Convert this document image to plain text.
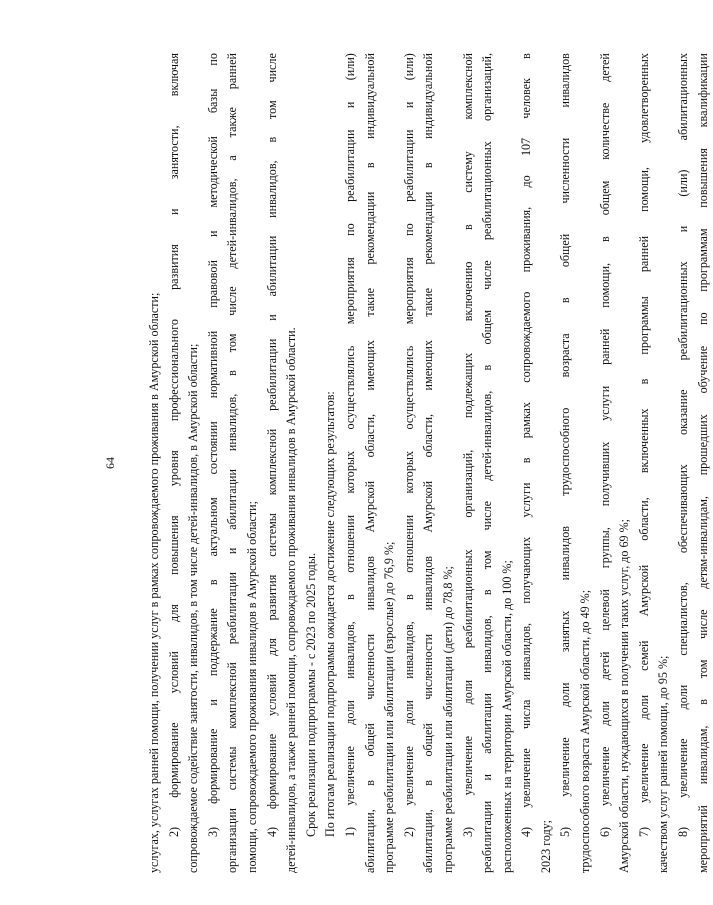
64 услугах, услугах ранней помощи, получении услуг в рамках сопровождаемого проживания в Амурской области; 2)
формирование
условий
для
повышения
уровня
профессионального
развития
и
занятости,
включая
сопровождаемое содействие занятости, инвалидов, в том числе детей-инвалидов, в Амурской области; 3)
формирование
и
поддержание
в
актуальном
состоянии
нормативной
правовой
и
методической
базы
по
организации
системы
комплексной
реабилитации
и
абилитации
инвалидов,
в
том
числе
детей-инвалидов,
а
также
ранней
помощи, сопровождаемого проживания инвалидов в Амурской области; 4)
формирование
условий
для
развития
системы
комплексной
реабилитации
и
абилитации
инвалидов,
в
том
числе
детей-инвалидов, а также ранней помощи, сопровождаемого проживания инвалидов в Амурской области. Срок реализации подпрограммы - с 2023 по 2025 годы. По итогам реализации подпрограммы ожидается достижение следующих результатов: 1)
увеличение
доли
инвалидов,
в
отношении
которых
осуществлялись
мероприятия
по
реабилитации
и
(или)
абилитации,
в
общей
численности
инвалидов
Амурской
области,
имеющих
такие
рекомендации
в
индивидуальной
программе реабилитации или абилитации (взрослые) до 76,9 %; 2)
увеличение
доли
инвалидов,
в
отношении
которых
осуществлялись
мероприятия
по
реабилитации
и
(или)
абилитации,
в
общей
численности
инвалидов
Амурской
области,
имеющих
такие
рекомендации
в
индивидуальной
программе реабилитации или абилитации (дети) до 78,8 %; 3)
увеличение
доли
реабилитационных
организаций,
подлежащих
включению
в
систему
комплексной
реабилитации
и
абилитации
инвалидов,
в
том
числе
детей-инвалидов,
в
общем
числе
реабилитационных
организаций,
расположенных на территории Амурской области, до 100 %; 4)
увеличение
числа
инвалидов,
получающих
услуги
в
рамках
сопровождаемого
проживания,
до
107
человек
в
2023 году; 5)
увеличение
доли
занятых
инвалидов
трудоспособного
возраста
в
общей
численности
инвалидов
трудоспособного возраста Амурской области, до 49 %; 6)
увеличение
доли
детей
целевой
группы,
получивших
услуги
ранней
помощи,
в
общем
количестве
детей
Амурской области, нуждающихся в получении таких услуг, до 69 %; 7)
увеличение
доли
семей
Амурской
области,
включенных
в
программы
ранней
помощи,
удовлетворенных
качеством услуг ранней помощи, до 95 %; 8)
увеличение
доли
специалистов,
обеспечивающих
оказание
реабилитационных
и
(или)
абилитационных
мероприятий
инвалидам,
в
том
числе
детям-инвалидам,
прошедших
обучение
по
программам
повышения
квалификации
